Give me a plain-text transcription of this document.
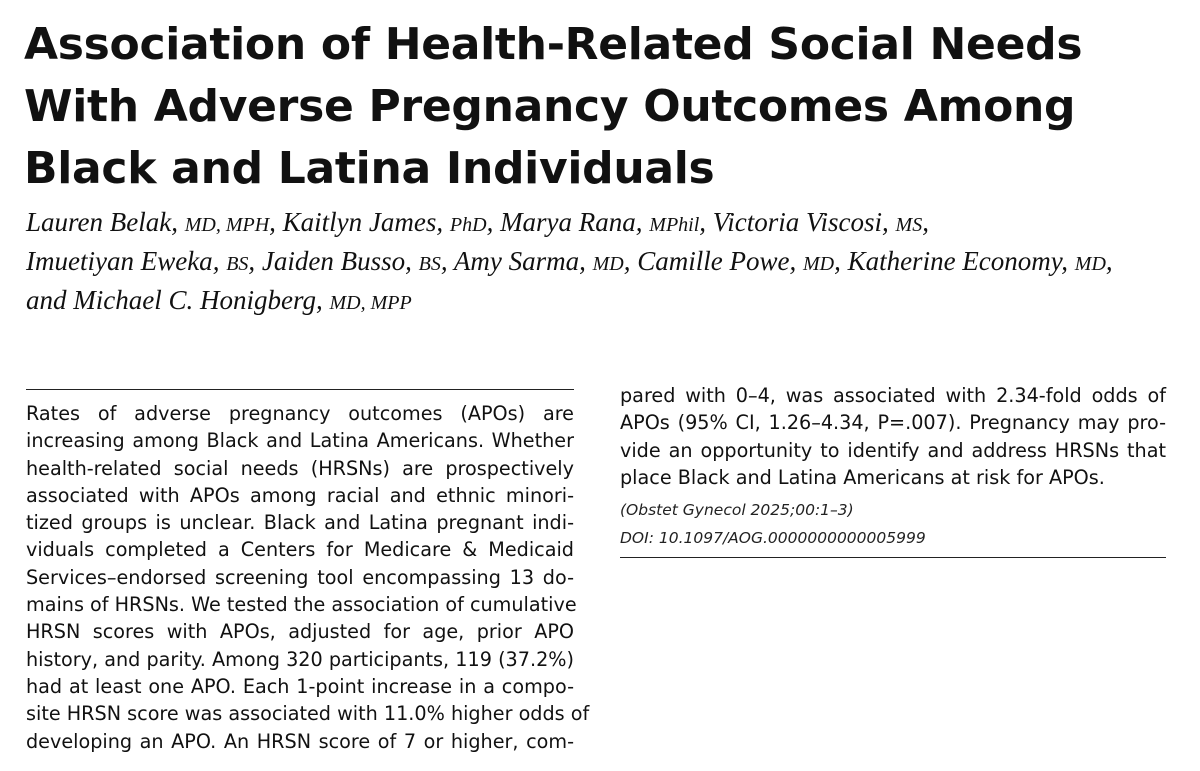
Association of Health-Related Social Needs
With Adverse Pregnancy Outcomes Among
Black and Latina Individuals
Lauren Belak, MD, MPH, Kaitlyn James, PhD, Marya Rana, MPhil, Victoria Viscosi, MS,
Imuetiyan Eweka, BS, Jaiden Busso, BS, Amy Sarma, MD, Camille Powe, MD, Katherine Economy, MD,
and Michael C. Honigberg, MD, MPP
Rates of adverse pregnancy outcomes (APOs) are
increasing among Black and Latina Americans. Whether
health-related social needs (HRSNs) are prospectively
associated with APOs among racial and ethnic minori-
tized groups is unclear. Black and Latina pregnant indi-
viduals completed a Centers for Medicare & Medicaid
Services–endorsed screening tool encompassing 13 do-
mains of HRSNs. We tested the association of cumulative
HRSN scores with APOs, adjusted for age, prior APO
history, and parity. Among 320 participants, 119 (37.2%)
had at least one APO. Each 1-point increase in a compo-
site HRSN score was associated with 11.0% higher odds of
developing an APO. An HRSN score of 7 or higher, com-
pared with 0–4, was associated with 2.34-fold odds of
APOs (95% CI, 1.26–4.34, P=.007). Pregnancy may pro-
vide an opportunity to identify and address HRSNs that
place Black and Latina Americans at risk for APOs.
(Obstet Gynecol 2025;00:1–3)
DOI: 10.1097/AOG.0000000000005999
